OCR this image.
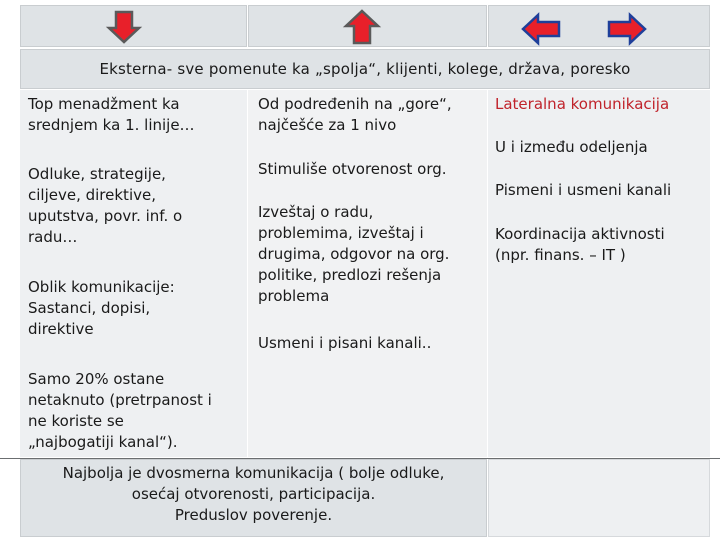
Eksterna- sve pomenute ka „spolja“, klijenti, kolege, država, poresko
Top menadžment ka
srednjem ka 1. linije…
Odluke, strategije,
ciljeve, direktive,
uputstva, povr. inf. o
radu…
Oblik komunikacije:
Sastanci, dopisi,
direktive
Samo 20% ostane
netaknuto (pretrpanost i
ne koriste se
„najbogatiji kanal“).
Od podređenih na „gore“,
najčešće za 1 nivo
Stimuliše otvorenost org.
Izveštaj o radu,
problemima, izveštaj i
drugima, odgovor na org.
politike, predlozi rešenja
problema
Usmeni i pisani kanali..
Lateralna komunikacija
U i između odeljenja
Pismeni i usmeni kanali
Koordinacija aktivnosti
(npr. finans. – IT )
Najbolja je dvosmerna komunikacija ( bolje odluke,
osećaj otvorenosti, participacija.
Preduslov poverenje.
